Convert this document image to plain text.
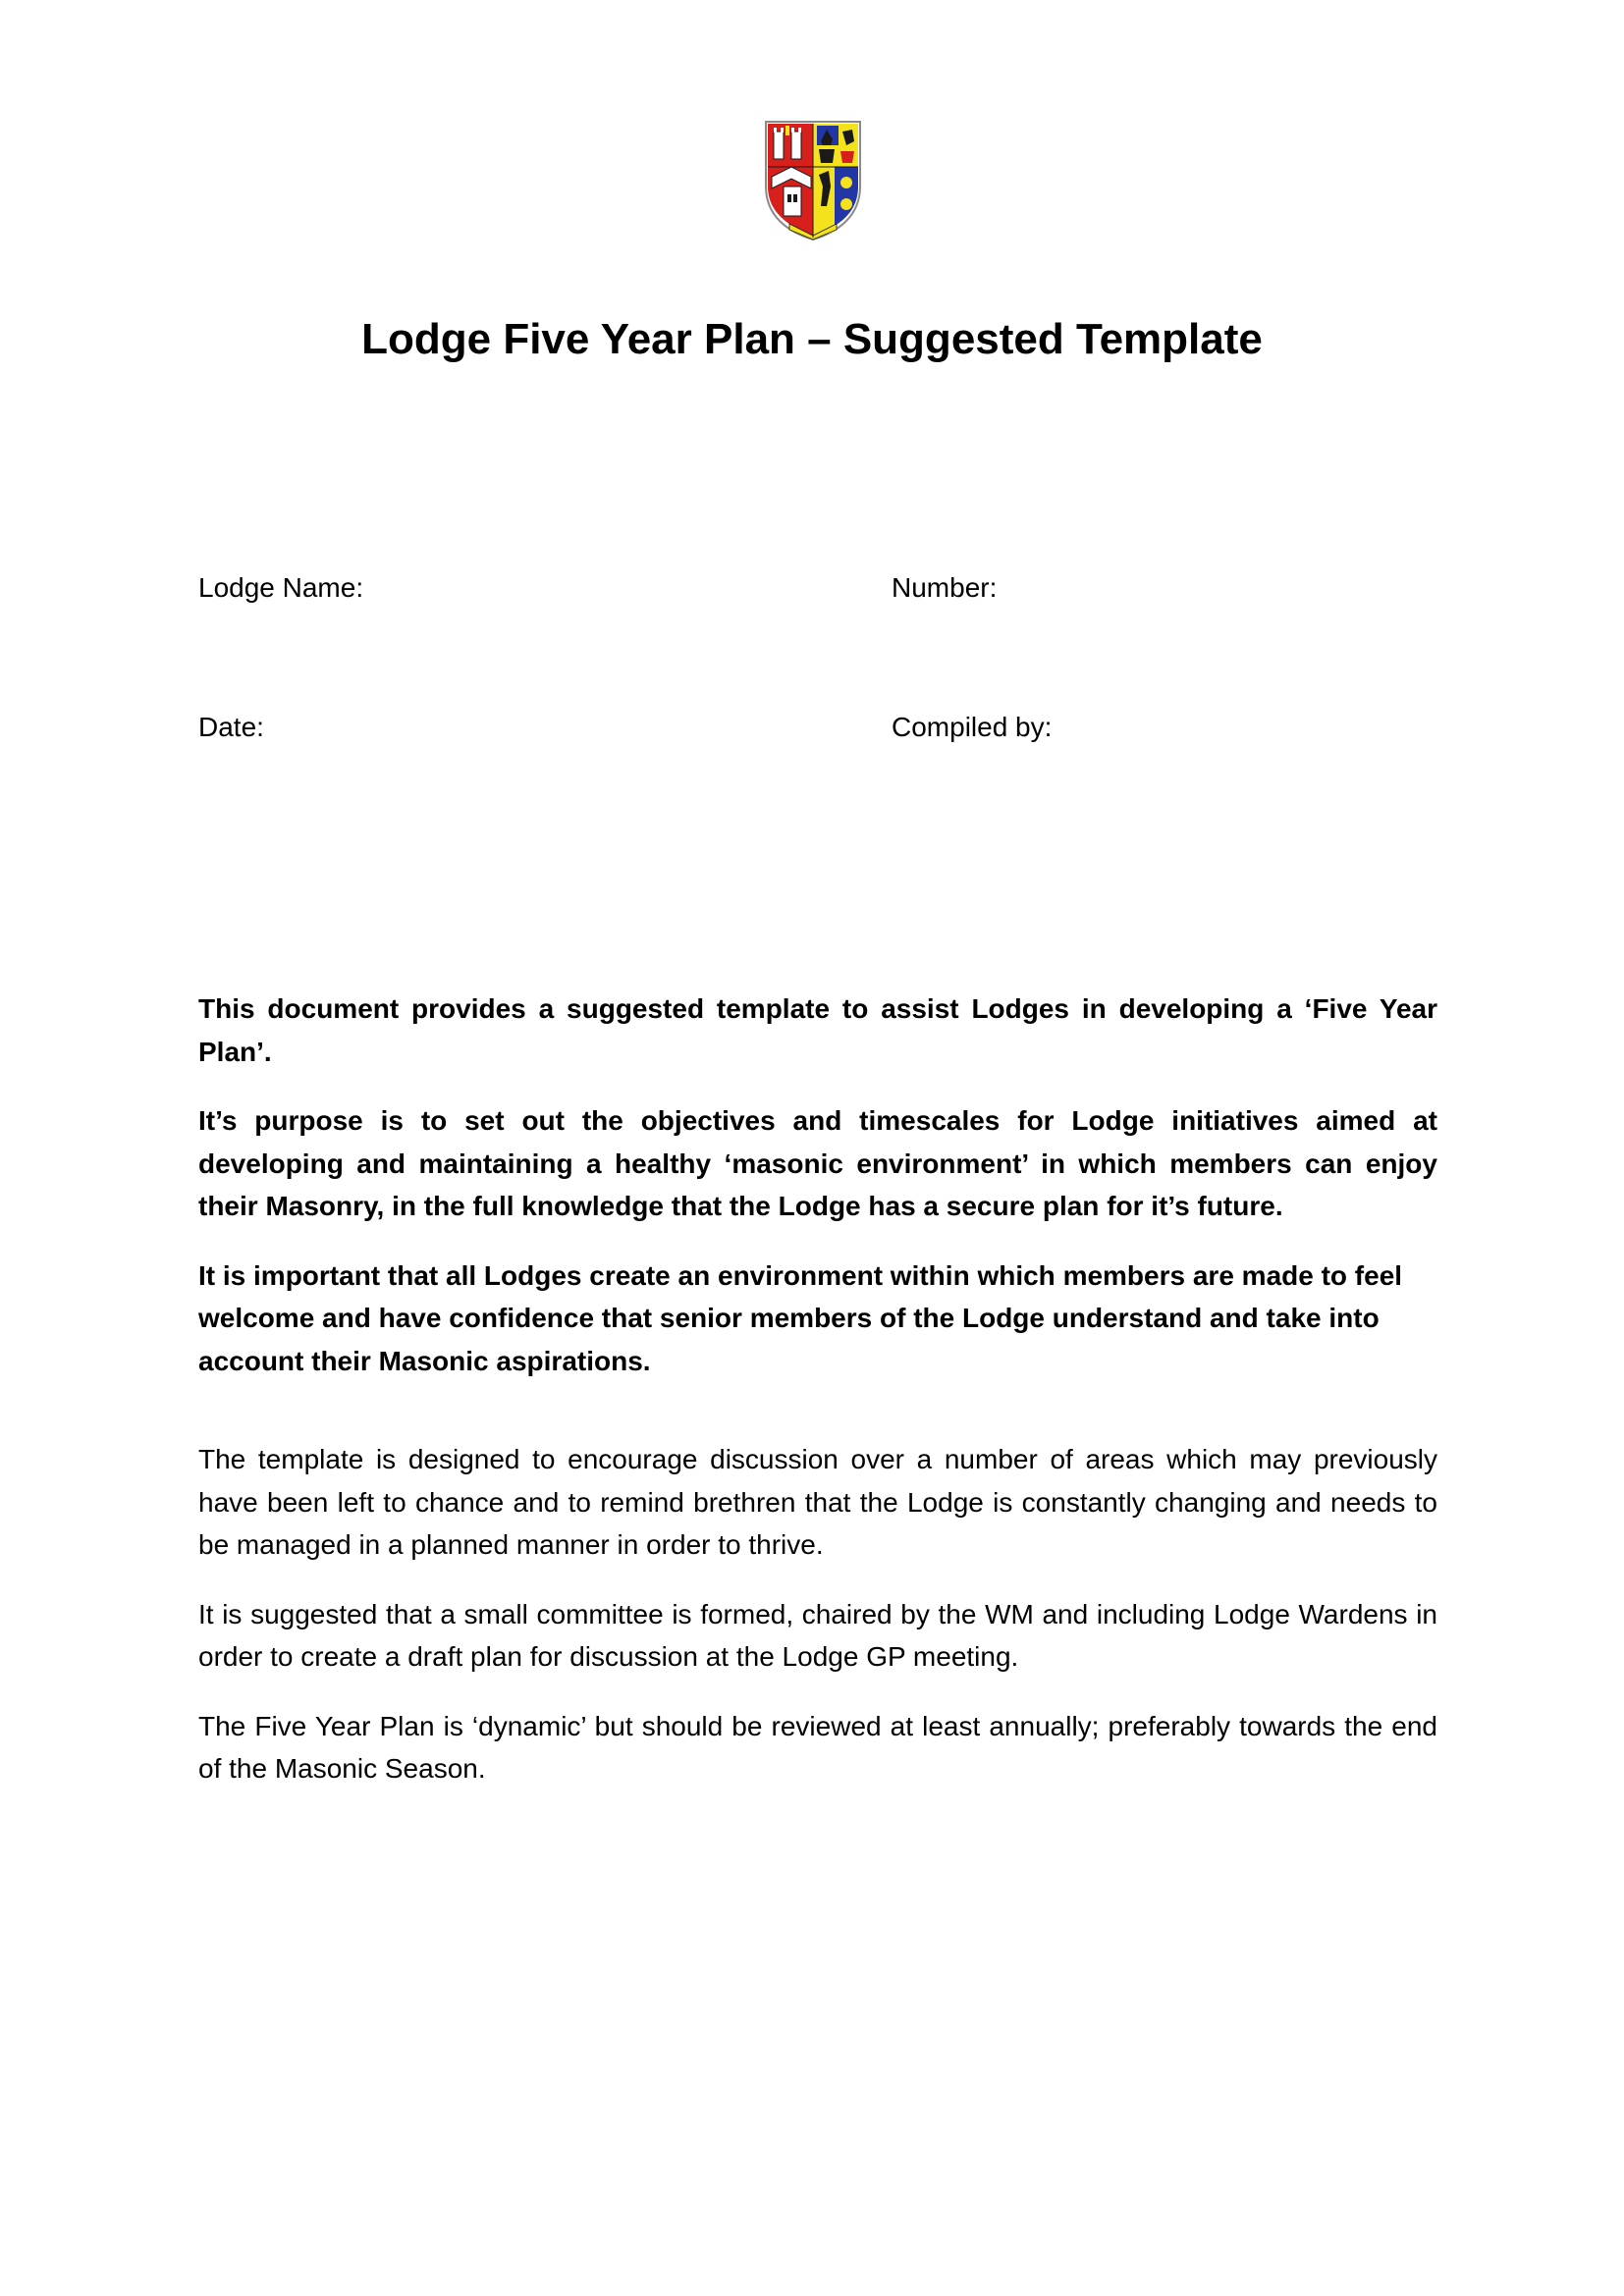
Lodge Five Year Plan – Suggested Template

Lodge Name:	Number:

Date:	Compiled by:

This document provides a suggested template to assist Lodges in developing a ‘Five Year Plan’.

It’s purpose is to set out the objectives and timescales for Lodge initiatives aimed at developing and maintaining a healthy ‘masonic environment’ in which members can enjoy their Masonry, in the full knowledge that the Lodge has a secure plan for it’s future.

It is important that all Lodges create an environment within which members are made to feel welcome and have confidence that senior members of the Lodge understand and take into account their Masonic aspirations.

The template is designed to encourage discussion over a number of areas which may previously have been left to chance and to remind brethren that the Lodge is constantly changing and needs to be managed in a planned manner in order to thrive.

It is suggested that a small committee is formed, chaired by the WM and including Lodge Wardens in order to create a draft plan for discussion at the Lodge GP meeting.

The Five Year Plan is ‘dynamic’ but should be reviewed at least annually; preferably towards the end of the Masonic Season.
